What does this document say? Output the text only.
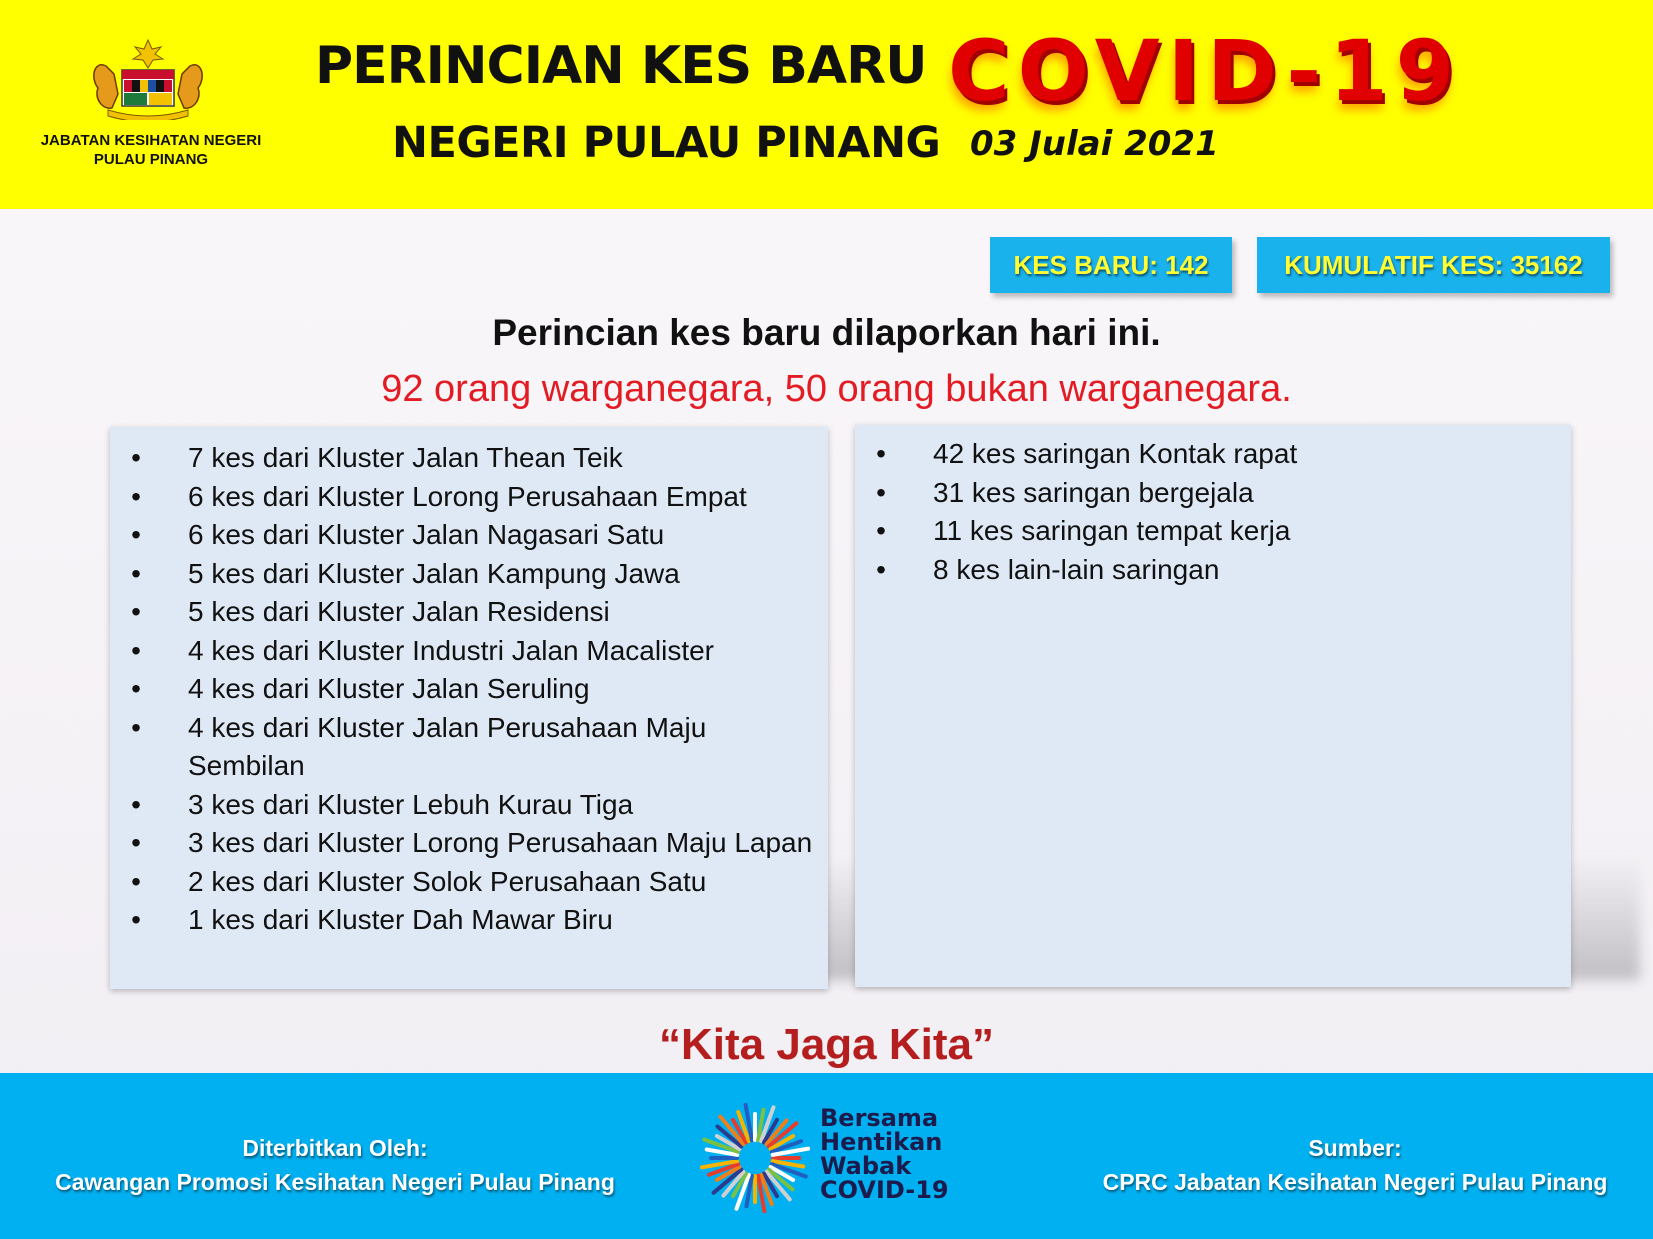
JABATAN KESIHATAN NEGERI
PULAU PINANG
PERINCIAN KES BARU
NEGERI PULAU PINANG
COVID-19
03 Julai 2021
KES BARU: 142	KUMULATIF KES: 35162
Perincian kes baru dilaporkan hari ini.
92 orang warganegara, 50 orang bukan warganegara.
• 7 kes dari Kluster Jalan Thean Teik
• 6 kes dari Kluster Lorong Perusahaan Empat
• 6 kes dari Kluster Jalan Nagasari Satu
• 5 kes dari Kluster Jalan Kampung Jawa
• 5 kes dari Kluster Jalan Residensi
• 4 kes dari Kluster Industri Jalan Macalister
• 4 kes dari Kluster Jalan Seruling
• 4 kes dari Kluster Jalan Perusahaan Maju Sembilan
• 3 kes dari Kluster Lebuh Kurau Tiga
• 3 kes dari Kluster Lorong Perusahaan Maju Lapan
• 2 kes dari Kluster Solok Perusahaan Satu
• 1 kes dari Kluster Dah Mawar Biru
• 42 kes saringan Kontak rapat
• 31 kes saringan bergejala
• 11 kes saringan tempat kerja
• 8 kes lain-lain saringan
“Kita Jaga Kita”
Diterbitkan Oleh:
Cawangan Promosi Kesihatan Negeri Pulau Pinang
Bersama
Hentikan
Wabak
COVID-19
Sumber:
CPRC Jabatan Kesihatan Negeri Pulau Pinang
